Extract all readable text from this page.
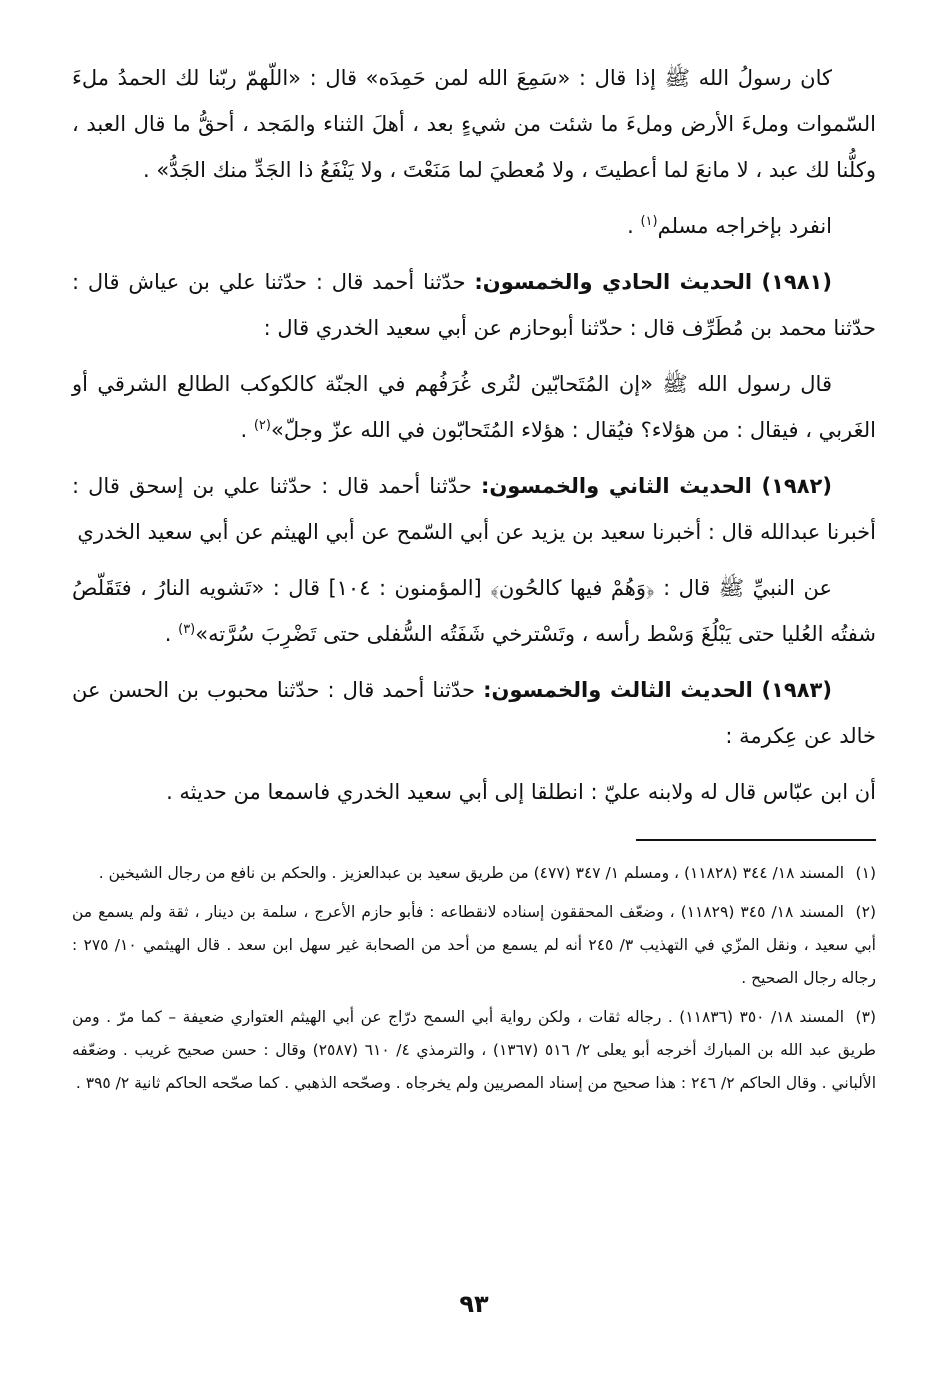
كان رسولُ الله ﷺ إذا قال : «سَمِعَ الله لمن حَمِدَه» قال : «اللّهمّ ربّنا لك الحمدُ ملءَ السّموات وملءَ الأرض وملءَ ما شئت من شيءٍ بعد ، أهلَ الثناء والمَجد ، أحقُّ ما قال العبد ، وكلُّنا لك عبد ، لا مانعَ لما أعطيتَ ، ولا مُعطيَ لما مَنَعْتَ ، ولا يَنْفَعُ ذا الجَدِّ منك الجَدُّ» .

انفرد بإخراجه مسلم$^{(١)}$ .

(١٩٨١) الحديث الحادي والخمسون: حدّثنا أحمد قال : حدّثنا علي بن عياش قال : حدّثنا محمد بن مُطَرِّف قال : حدّثنا أبوحازم عن أبي سعيد الخدري قال :

قال رسول الله ﷺ «إن المُتَحابّين لتُرى غُرَفُهم في الجنّة كالكوكب الطالع الشرقي أو الغَربي ، فيقال : من هؤلاء؟ فيُقال : هؤلاء المُتَحابّون في الله عزّ وجلّ»$^{(٢)}$ .

(١٩٨٢) الحديث الثاني والخمسون: حدّثنا أحمد قال : حدّثنا علي بن إسحق قال : أخبرنا عبدالله قال : أخبرنا سعيد بن يزيد عن أبي السّمح عن أبي الهيثم عن أبي سعيد الخدري

عن النبيِّ ﷺ قال : ﴿وَهُمْ فيها كالحُون﴾ [المؤمنون : ١٠٤] قال : «تَشويه النارُ ، فتَقَلّصُ شفتُه العُليا حتى يَبْلُغَ وَسْط رأسه ، وتَسْترخي شَفَتُه السُّفلى حتى تَضْرِبَ سُرَّته»$^{(٣)}$ .

(١٩٨٣) الحديث الثالث والخمسون: حدّثنا أحمد قال : حدّثنا محبوب بن الحسن عن خالد عن عِكرمة :

أن ابن عبّاس قال له ولابنه عليّ : انطلقا إلى أبي سعيد الخدري فاسمعا من حديثه .

(١)المسند ١٨/ ٣٤٤ (١١٨٢٨) ، ومسلم ١/ ٣٤٧ (٤٧٧) من طريق سعيد بن عبدالعزيز . والحكم بن نافع من رجال الشيخين .

(٢)المسند ١٨/ ٣٤٥ (١١٨٢٩) ، وضعّف المحققون إسناده لانقطاعه : فأبو حازم الأعرج ، سلمة بن دينار ، ثقة ولم يسمع من أبي سعيد ، ونقل المزّي في التهذيب ٣/ ٢٤٥ أنه لم يسمع من أحد من الصحابة غير سهل ابن سعد . قال الهيثمي ١٠/ ٢٧٥ : رجاله رجال الصحيح .

(٣)المسند ١٨/ ٣٥٠ (١١٨٣٦) . رجاله ثقات ، ولكن رواية أبي السمح درّاج عن أبي الهيثم العتواري ضعيفة – كما مرّ . ومن طريق عبد الله بن المبارك أخرجه أبو يعلى ٢/ ٥١٦ (١٣٦٧) ، والترمذي ٤/ ٦١٠ (٢٥٨٧) وقال : حسن صحيح غريب . وضعّفه الألباني . وقال الحاكم ٢/ ٢٤٦ : هذا صحيح من إسناد المصريين ولم يخرجاه . وصحّحه الذهبي . كما صحّحه الحاكم ثانية ٢/ ٣٩٥ .

٩٣
